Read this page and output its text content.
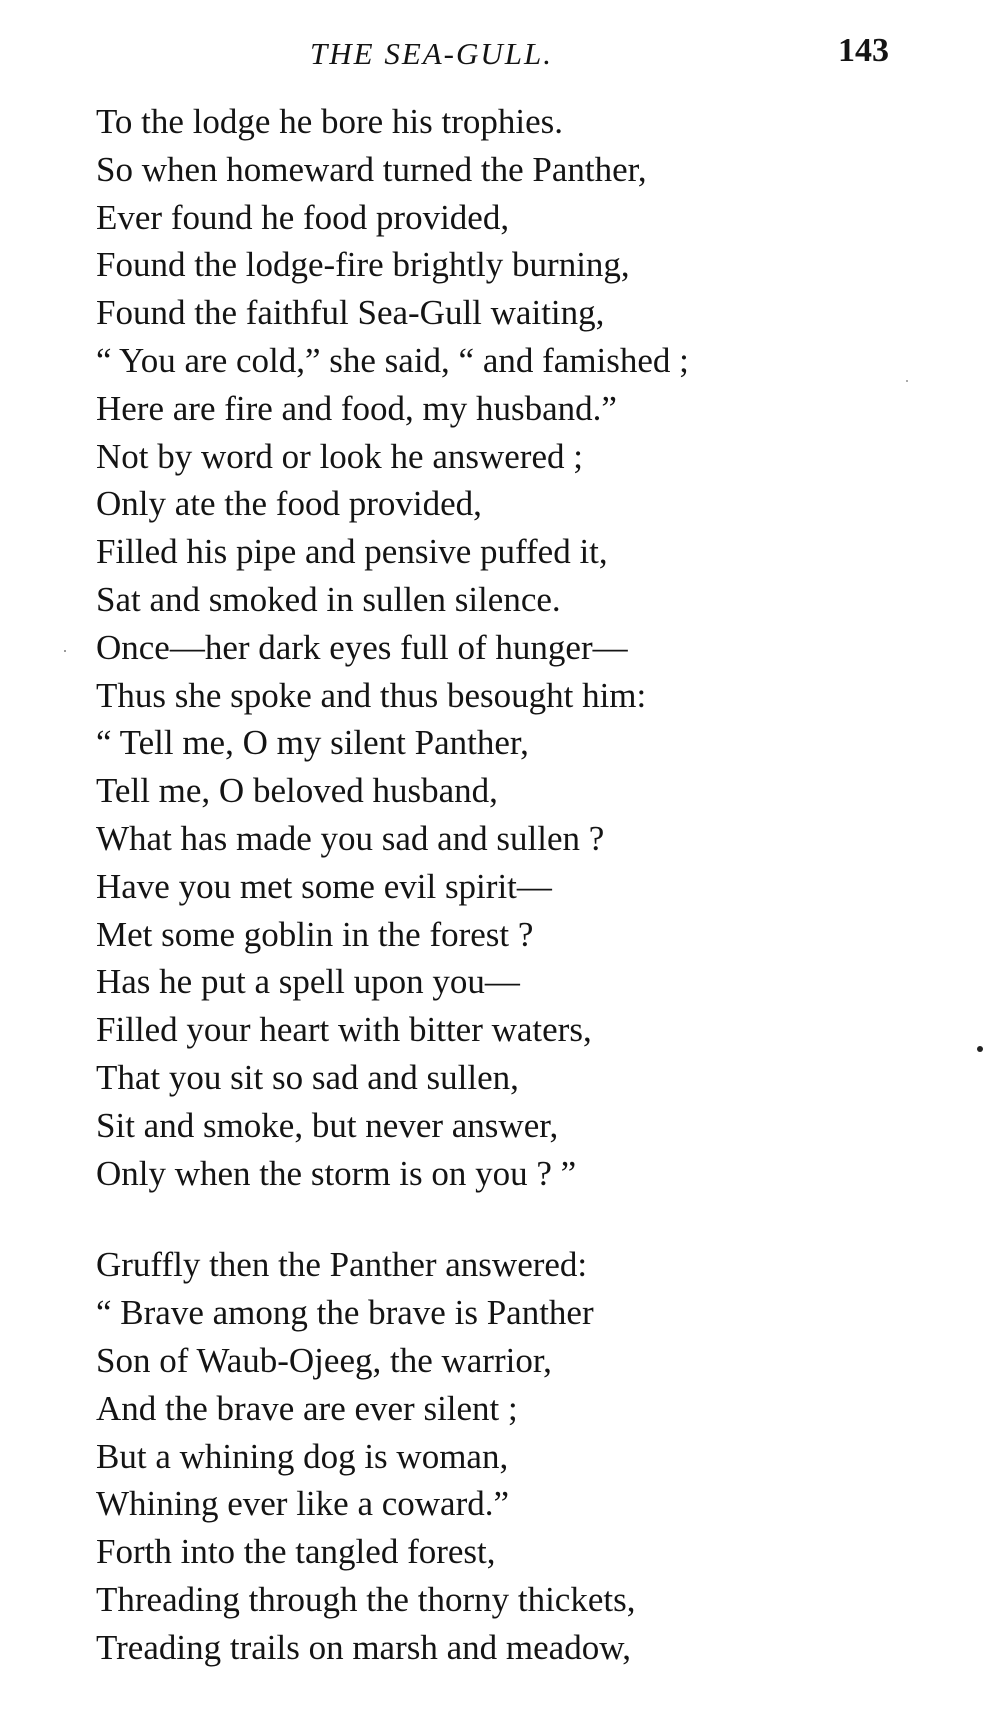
THE SEA-GULL.	143
To the lodge he bore his trophies.
So when homeward turned the Panther,
Ever found he food provided,
Found the lodge-fire brightly burning,
Found the faithful Sea-Gull waiting,
“ You are cold,” she said, “ and famished ;
Here are fire and food, my husband.”
Not by word or look he answered ;
Only ate the food provided,
Filled his pipe and pensive puffed it,
Sat and smoked in sullen silence.
Once—her dark eyes full of hunger—
Thus she spoke and thus besought him:
“ Tell me, O my silent Panther,
Tell me, O beloved husband,
What has made you sad and sullen ?
Have you met some evil spirit—
Met some goblin in the forest ?
Has he put a spell upon you—
Filled your heart with bitter waters,
That you sit so sad and sullen,
Sit and smoke, but never answer,
Only when the storm is on you ? ”
Gruffly then the Panther answered:
“ Brave among the brave is Panther
Son of Waub-Ojeeg, the warrior,
And the brave are ever silent ;
But a whining dog is woman,
Whining ever like a coward.”
Forth into the tangled forest,
Threading through the thorny thickets,
Treading trails on marsh and meadow,
